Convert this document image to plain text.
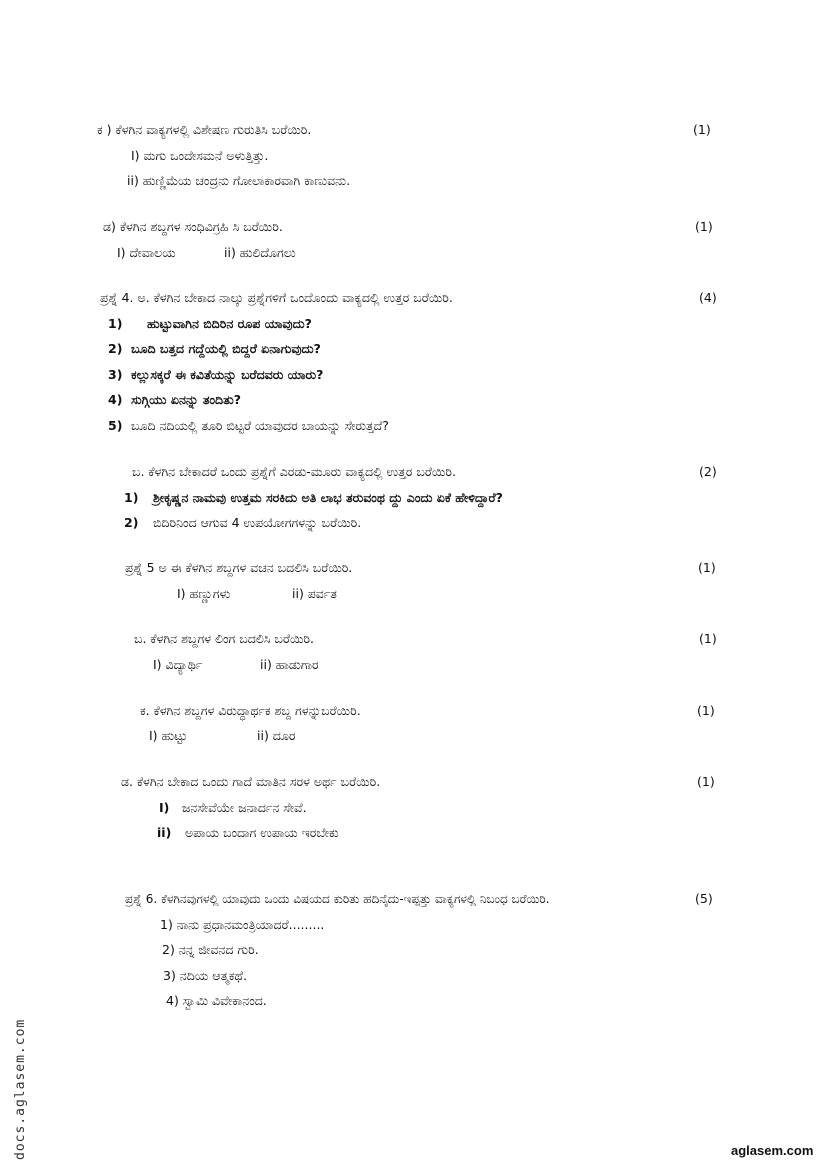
ಕ ) ಕೆಳಗಿನ ವಾಕ್ಯಗಳಲ್ಲಿ ವಿಶೇಷಣ ಗುರುತಿಸಿ ಬರೆಯಿರಿ.	(1)
I) ಮಗು ಒಂದೇಸಮನೆ ಅಳುತ್ತಿತ್ತು.
ii) ಹುಣ್ಣಿಮೆಯ ಚಂದ್ರನು ಗೋಲಾಕಾರವಾಗಿ ಕಾಣುವನು.
ಡ) ಕೆಳಗಿನ ಶಬ್ದಗಳ ಸಂಧಿವಿಗ್ರಹಿ ಸಿ ಬರೆಯಿರಿ.	(1)
I) ದೇವಾಲಯ	ii) ಹುಲಿದೊಗಲು
ಪ್ರಶ್ನೆ 4. ಅ. ಕೆಳಗಿನ ಬೇಕಾದ ನಾಲ್ಕು ಪ್ರಶ್ನೆಗಳಿಗೆ ಒಂದೊಂದು ವಾಕ್ಯದಲ್ಲಿ ಉತ್ತರ ಬರೆಯಿರಿ.	(4)
1) ಹುಟ್ಟುವಾಗಿನ ಬಿದಿರಿನ ರೂಪ ಯಾವುದು?
2) ಬೂದಿ ಬತ್ತದ ಗದ್ದೆಯಲ್ಲಿ ಬಿದ್ದರೆ ಏನಾಗುವುದು?
3) ಕಲ್ಲುಸಕ್ಕರೆ ಈ ಕವಿತೆಯನ್ನು ಬರೆದವರು ಯಾರು?
4) ಸುಗ್ಗಿಯು ಏನನ್ನು ತಂದಿತು?
5) ಬೂದಿ ನದಿಯಲ್ಲಿ ತೂರಿ ಬಿಟ್ಟರೆ ಯಾವುದರ ಬಾಯನ್ನು ಸೇರುತ್ತದೆ?
ಬ. ಕೆಳಗಿನ ಬೇಕಾದರೆ ಒಂದು ಪ್ರಶ್ನೆಗೆ ಎರಡು-ಮೂರು ವಾಕ್ಯದಲ್ಲಿ ಉತ್ತರ ಬರೆಯಿರಿ.	(2)
1) ಶ್ರೀಕೃಷ್ಣನ ನಾಮವು ಉತ್ತಮ ಸರಕಿದು ಅತಿ ಲಾಭ ತರುವಂಥ ದ್ದು ಎಂದು ಏಕೆ ಹೇಳಿದ್ದಾರೆ?
2) ಬಿದಿರಿನಿಂದ ಆಗುವ 4 ಉಪಯೋಗಗಳನ್ನು ಬರೆಯಿರಿ.
ಪ್ರಶ್ನೆ 5 ಅ ಈ ಕೆಳಗಿನ ಶಬ್ದಗಳ ವಚನ ಬದಲಿಸಿ ಬರೆಯಿರಿ.	(1)
I) ಹಣ್ಣುಗಳು	ii) ಪರ್ವತ
ಬ. ಕೆಳಗಿನ ಶಬ್ದಗಳ ಲಿಂಗ ಬದಲಿಸಿ ಬರೆಯಿರಿ.	(1)
I) ವಿದ್ಯಾರ್ಥಿ	ii) ಹಾಡುಗಾರ
ಕ. ಕೆಳಗಿನ ಶಬ್ದಗಳ ವಿರುದ್ಧಾರ್ಥಕ ಶಬ್ದ ಗಳನ್ನುಬರೆಯಿರಿ.	(1)
I) ಹುಟ್ಟು	ii) ದೂರ
ಡ. ಕೆಳಗಿನ ಬೇಕಾದ ಒಂದು ಗಾದೆ ಮಾತಿನ ಸರಳ ಅರ್ಥ ಬರೆಯಿರಿ.	(1)
I) ಜನಸೇವೆಯೇ ಜನಾರ್ದನ ಸೇವೆ.
ii) ಅಪಾಯ ಬಂದಾಗ ಉಪಾಯ ಇರಬೇಕು
ಪ್ರಶ್ನೆ 6. ಕೆಳಗಿನವುಗಳಲ್ಲಿ ಯಾವುದು ಒಂದು ವಿಷಯದ ಕುರಿತು ಹದಿನೈದು-ಇಪ್ಪತ್ತು ವಾಕ್ಯಗಳಲ್ಲಿ ನಿಬಂಧ ಬರೆಯಿರಿ.	(5)
1) ನಾನು ಪ್ರಧಾನಮಂತ್ರಿಯಾದರೆ.........
2) ನನ್ನ ಜೀವನದ ಗುರಿ.
3) ನದಿಯ ಆತ್ಮಕಥೆ.
4) ಸ್ವಾಮಿ ವಿವೇಕಾನಂದ.
docs.aglasem.com	aglasem.com
